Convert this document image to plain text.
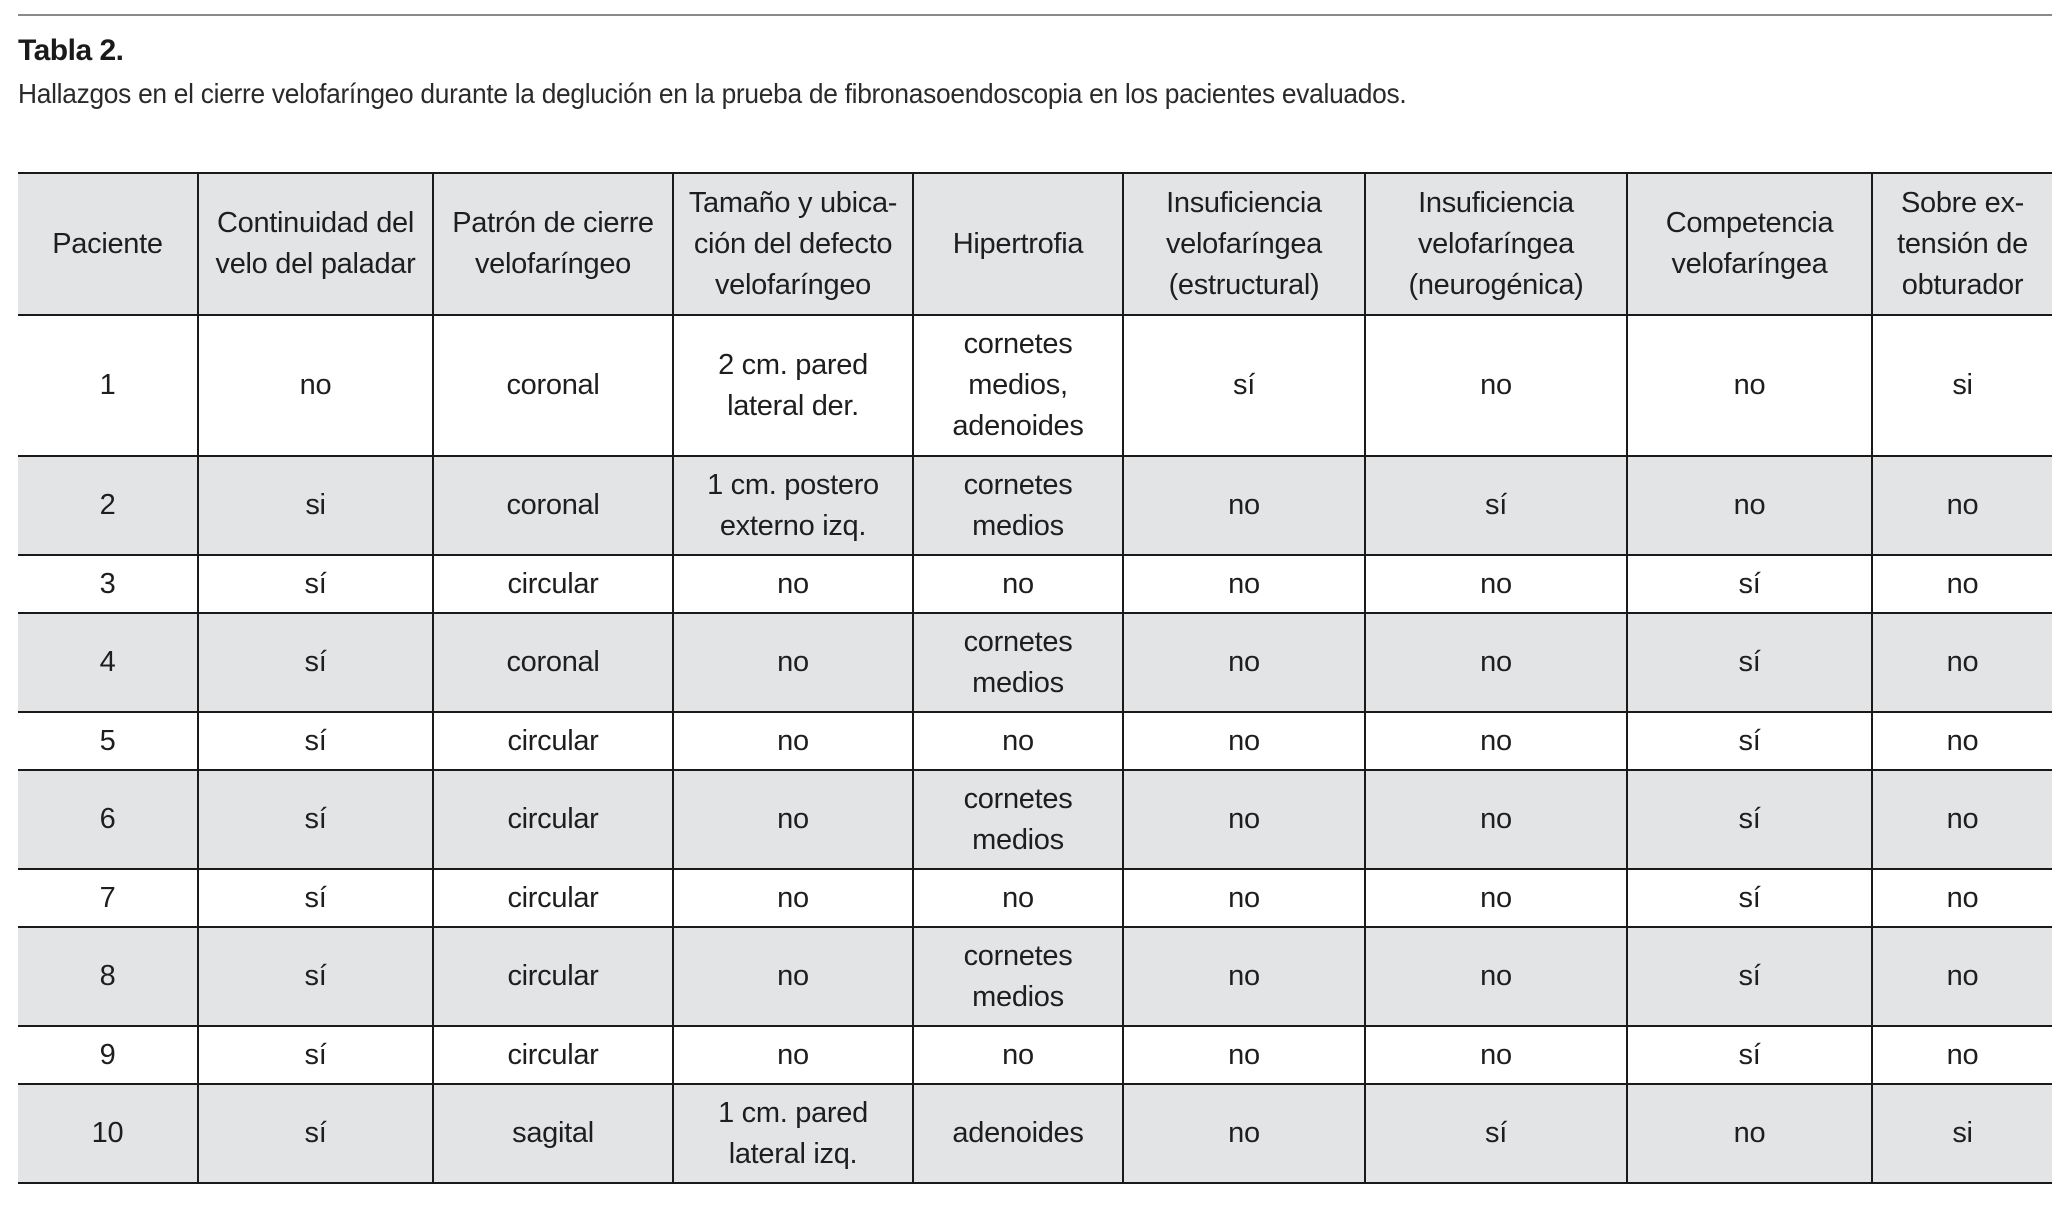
Tabla 2.
Hallazgos en el cierre velofaríngeo durante la deglución en la prueba de fibronasoendoscopia en los pacientes evaluados.
Paciente	Continuidad del
velo del paladar	Patrón de cierre
velofaríngeo	Tamaño y ubica-
ción del defecto
velofaríngeo	Hipertrofia	Insuficiencia
velofaríngea
(estructural)	Insuficiencia
velofaríngea
(neurogénica)	Competencia
velofaríngea	Sobre ex-
tensión de
obturador
1	no	coronal	2 cm. pared
lateral der.	cornetes
medios,
adenoides	sí	no	no	si
2	si	coronal	1 cm. postero
externo izq.	cornetes
medios	no	sí	no	no
3	sí	circular	no	no	no	no	sí	no
4	sí	coronal	no	cornetes
medios	no	no	sí	no
5	sí	circular	no	no	no	no	sí	no
6	sí	circular	no	cornetes
medios	no	no	sí	no
7	sí	circular	no	no	no	no	sí	no
8	sí	circular	no	cornetes
medios	no	no	sí	no
9	sí	circular	no	no	no	no	sí	no
10	sí	sagital	1 cm. pared
lateral izq.	adenoides	no	sí	no	si
